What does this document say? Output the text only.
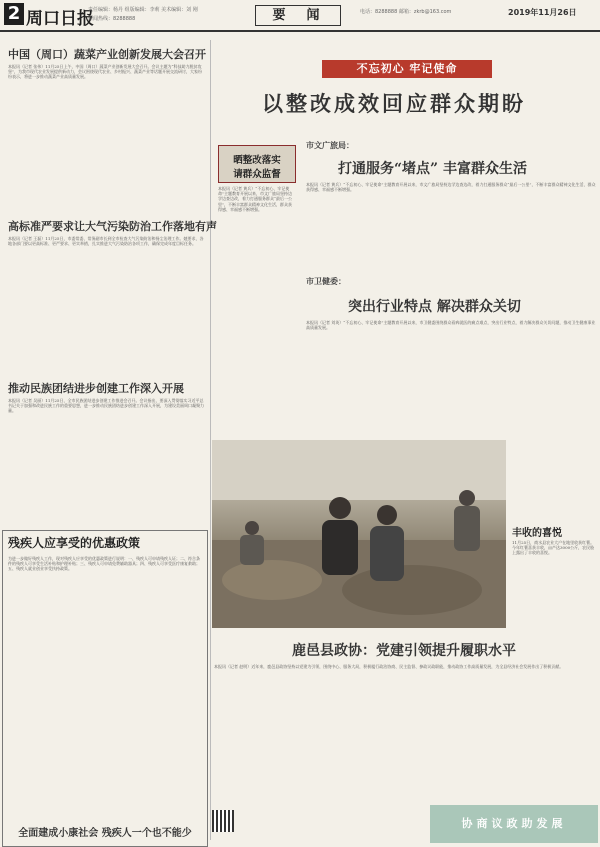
2 周口日报
责任编辑：杨丹 组版编辑：李莉 美术编辑：刘 刚
新闻热线：8288888	要　闻	电话：8288888 邮箱：zkrb@163.com	2019年11月26日
中国（周口）蔬菜产业创新发展大会召开
本报讯（记者 张伟）11月25日上午，中国（周口）蔬菜产业创新发展大会召开。会议主题为“科技助力脱贫攻坚”，为我市现代农业发展提供新动力，会议围绕现代农业、乡村振兴、蔬菜产业等话题开展交流研讨，大家纷纷表示，将进一步推动蔬菜产业高质量发展。
高标准严要求让大气污染防治工作落地有声
本报讯（记者 王磊）11月25日，市委常委、常务副市长到全市检查大气污染防治和扬尘治理工作。她要求，各地各部门要以更高标准、更严要求、更实举措，扎实推进大气污染防治各项工作，确保完成年度目标任务。
推动民族团结进步创建工作深入开展
本报讯（记者 吴丽）11月25日，全市民族团结进步创建工作推进会召开。会议指出，要深入贯彻落实习近平总书记关于加强和改进民族工作的重要思想，进一步推动民族团结进步创建工作深入开展，为建设美丽周口凝聚力量。
残疾人应享受的优惠政策
为进一步做好残疾人工作，现对残疾人应享受的优惠政策进行说明：一、残疾人可申请残疾人证；二、符合条件的残疾人可享受生活补贴和护理补贴；三、残疾人可申请免费辅助器具；四、残疾人可享受医疗康复救助；五、残疾人就业创业享受扶持政策。
全面建成小康社会 残疾人一个也不能少
不忘初心 牢记使命
以整改成效回应群众期盼
晒整改落实
请群众监督
本报讯（记者 黄兵）“不忘初心、牢记使命”主题教育开展以来，市文广旅局坚持边学边查边改，着力打通服务群众“最后一公里”，不断丰富群众精神文化生活，群众获得感、幸福感不断增强。
市文广旅局：
打通服务“堵点” 丰富群众生活
本报讯（记者 黄兵）“不忘初心、牢记使命”主题教育开展以来，市文广旅局坚持边学边查边改，着力打通服务群众“最后一公里”，不断丰富群众精神文化生活，群众获得感、幸福感不断增强。
市卫健委：
突出行业特点 解决群众关切
本报讯（记者 刘英）“不忘初心、牢记使命”主题教育开展以来，市卫健委围绕群众看病就医的痛点难点，突出行业特点，着力解决群众关切问题，推动卫生健康事业高质量发展。
丰收的喜悦
11月25日，商水县农业大户在地里收获红薯。今年红薯喜获丰收，亩产达3000公斤，农民脸上露出了丰收的喜悦。
鹿邑县政协：党建引领提升履职水平
本报讯（记者 赵明）近年来，鹿邑县政协坚持以党建为引领，围绕中心、服务大局，积极履行政治协商、民主监督、参政议政职能，推动政协工作高质量发展，为全县经济社会发展作出了积极贡献。
协商议政助发展
